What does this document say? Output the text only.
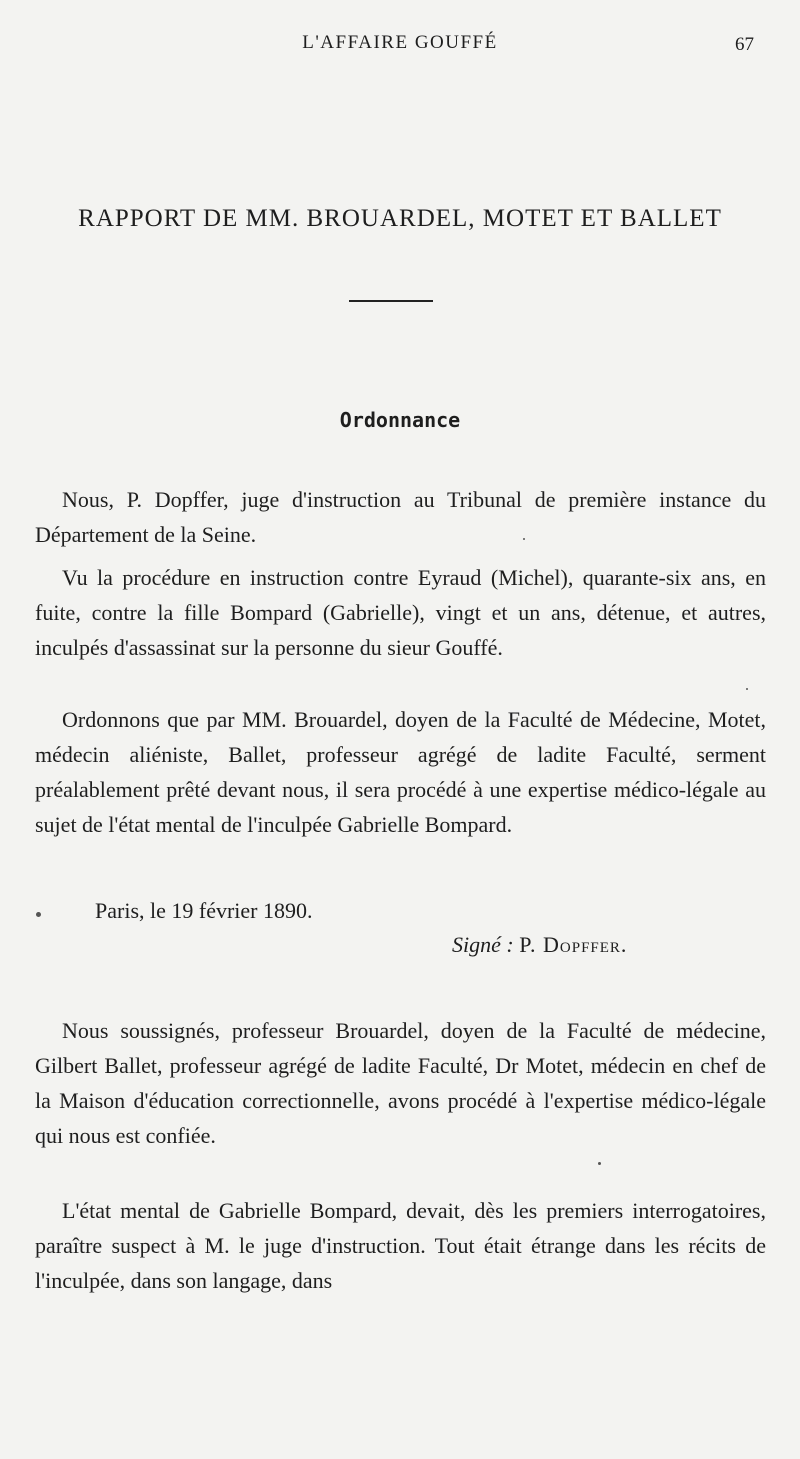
L'AFFAIRE GOUFFÉ	67
RAPPORT DE MM. BROUARDEL, MOTET ET BALLET
Ordonnance

Nous, P. Dopffer, juge d'instruction au Tribunal de première instance du Département de la Seine.

Vu la procédure en instruction contre Eyraud (Michel), quarante-six ans, en fuite, contre la fille Bompard (Gabrielle), vingt et un ans, détenue, et autres, inculpés d'assassinat sur la personne du sieur Gouffé.

Ordonnons que par MM. Brouardel, doyen de la Faculté de Médecine, Motet, médecin aliéniste, Ballet, professeur agrégé de ladite Faculté, serment préalablement prêté devant nous, il sera procédé à une expertise médico-légale au sujet de l'état mental de l'inculpée Gabrielle Bompard.

Paris, le 19 février 1890.
Signé : P. Dopffer.

Nous soussignés, professeur Brouardel, doyen de la Faculté de médecine, Gilbert Ballet, professeur agrégé de ladite Faculté, Dr Motet, médecin en chef de la Maison d'éducation correctionnelle, avons procédé à l'expertise médico-légale qui nous est confiée.

L'état mental de Gabrielle Bompard, devait, dès les premiers interrogatoires, paraître suspect à M. le juge d'instruction. Tout était étrange dans les récits de l'inculpée, dans son langage, dans
